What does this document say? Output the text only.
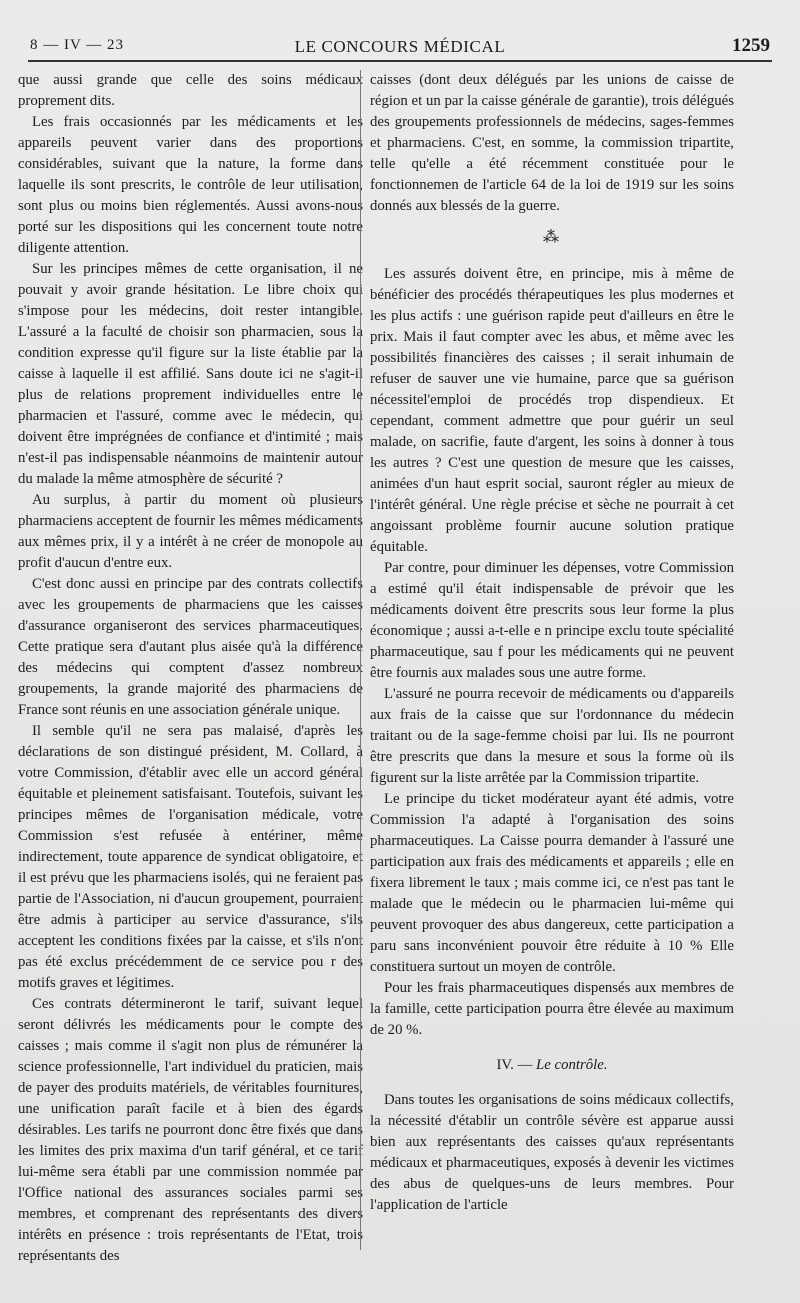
8 — IV — 23	LE CONCOURS MÉDICAL	1259

que aussi grande que celle des soins médicaux proprement dits.

Les frais occasionnés par les médicaments et les appareils peuvent varier dans des proportions considérables, suivant que la nature, la forme dans laquelle ils sont prescrits, le contrôle de leur utilisation, sont plus ou moins bien réglementés. Aussi avons-nous porté sur les dispositions qui les concernent toute notre diligente attention.

Sur les principes mêmes de cette organisation, il ne pouvait y avoir grande hésitation. Le libre choix qui s'impose pour les médecins, doit rester intangible. L'assuré a la faculté de choisir son pharmacien, sous la condition expresse qu'il figure sur la liste établie par la caisse à laquelle il est affilié. Sans doute ici ne s'agit-il plus de relations proprement individuelles entre le pharmacien et l'assuré, comme avec le médecin, qui doivent être imprégnées de confiance et d'intimité ; mais n'est-il pas indispensable néanmoins de maintenir autour du malade la même atmosphère de sécurité ?

Au surplus, à partir du moment où plusieurs pharmaciens acceptent de fournir les mêmes médicaments aux mêmes prix, il y a intérêt à ne créer de monopole au profit d'aucun d'entre eux.

C'est donc aussi en principe par des contrats collectifs avec les groupements de pharmaciens que les caisses d'assurance organiseront des services pharmaceutiques. Cette pratique sera d'autant plus aisée qu'à la différence des médecins qui comptent d'assez nombreux groupements, la grande majorité des pharmaciens de France sont réunis en une association générale unique.

Il semble qu'il ne sera pas malaisé, d'après les déclarations de son distingué président, M. Collard, à votre Commission, d'établir avec elle un accord général équitable et pleinement satisfaisant. Toutefois, suivant les principes mêmes de l'organisation médicale, votre Commission s'est refusée à entériner, même indirectement, toute apparence de syndicat obligatoire, et il est prévu que les pharmaciens isolés, qui ne feraient pas partie de l'Association, ni d'aucun groupement, pourraient être admis à participer au service d'assurance, s'ils acceptent les conditions fixées par la caisse, et s'ils n'ont pas été exclus précédemment de ce service pou r des motifs graves et légitimes.

Ces contrats détermineront le tarif, suivant lequel seront délivrés les médicaments pour le compte des caisses ; mais comme il s'agit non plus de rémunérer la science professionnelle, l'art individuel du praticien, mais de payer des produits matériels, de véritables fournitures, une unification paraît facile et à bien des égards désirables. Les tarifs ne pourront donc être fixés que dans les limites des prix maxima d'un tarif général, et ce tarif lui-même sera établi par une commission nommée par l'Office national des assurances sociales parmi ses membres, et comprenant des représentants des divers intérêts en présence : trois représentants de l'Etat, trois représentants des

caisses (dont deux délégués par les unions de caisse de région et un par la caisse générale de garantie), trois délégués des groupements professionnels de médecins, sages-femmes et pharmaciens. C'est, en somme, la commission tripartite, telle qu'elle a été récemment constituée pour le fonctionnemen de l'article 64 de la loi de 1919 sur les soins donnés aux blessés de la guerre.

⁂

Les assurés doivent être, en principe, mis à même de bénéficier des procédés thérapeutiques les plus modernes et les plus actifs : une guérison rapide peut d'ailleurs en être le prix. Mais il faut compter avec les abus, et même avec les possibilités financières des caisses ; il serait inhumain de refuser de sauver une vie humaine, parce que sa guérison nécessitel'emploi de procédés trop dispendieux. Et cependant, comment admettre que pour guérir un seul malade, on sacrifie, faute d'argent, les soins à donner à tous les autres ? C'est une question de mesure que les caisses, animées d'un haut esprit social, sauront régler au mieux de l'intérêt général. Une règle précise et sèche ne pourrait à cet angoissant problème fournir aucune solution pratique équitable.

Par contre, pour diminuer les dépenses, votre Commission a estimé qu'il était indispensable de prévoir que les médicaments doivent être prescrits sous leur forme la plus économique ; aussi a-t-elle e n principe exclu toute spécialité pharmaceutique, sau f pour les médicaments qui ne peuvent être fournis aux malades sous une autre forme.

L'assuré ne pourra recevoir de médicaments ou d'appareils aux frais de la caisse que sur l'ordonnance du médecin traitant ou de la sage-femme choisi par lui. Ils ne pourront être prescrits que dans la mesure et sous la forme où ils figurent sur la liste arrêtée par la Commission tripartite.

Le principe du ticket modérateur ayant été admis, votre Commission l'a adapté à l'organisation des soins pharmaceutiques. La Caisse pourra demander à l'assuré une participation aux frais des médicaments et appareils ; elle en fixera librement le taux ; mais comme ici, ce n'est pas tant le malade que le médecin ou le pharmacien lui-même qui peuvent provoquer des abus dangereux, cette participation a paru sans inconvénient pouvoir être réduite à 10 % Elle constituera surtout un moyen de contrôle.

Pour les frais pharmaceutiques dispensés aux membres de la famille, cette participation pourra être élevée au maximum de 20 %.

IV. — Le contrôle.

Dans toutes les organisations de soins médicaux collectifs, la nécessité d'établir un contrôle sévère est apparue aussi bien aux représentants des caisses qu'aux représentants médicaux et pharmaceutiques, exposés à devenir les victimes des abus de quelques-uns de leurs membres. Pour l'application de l'article
